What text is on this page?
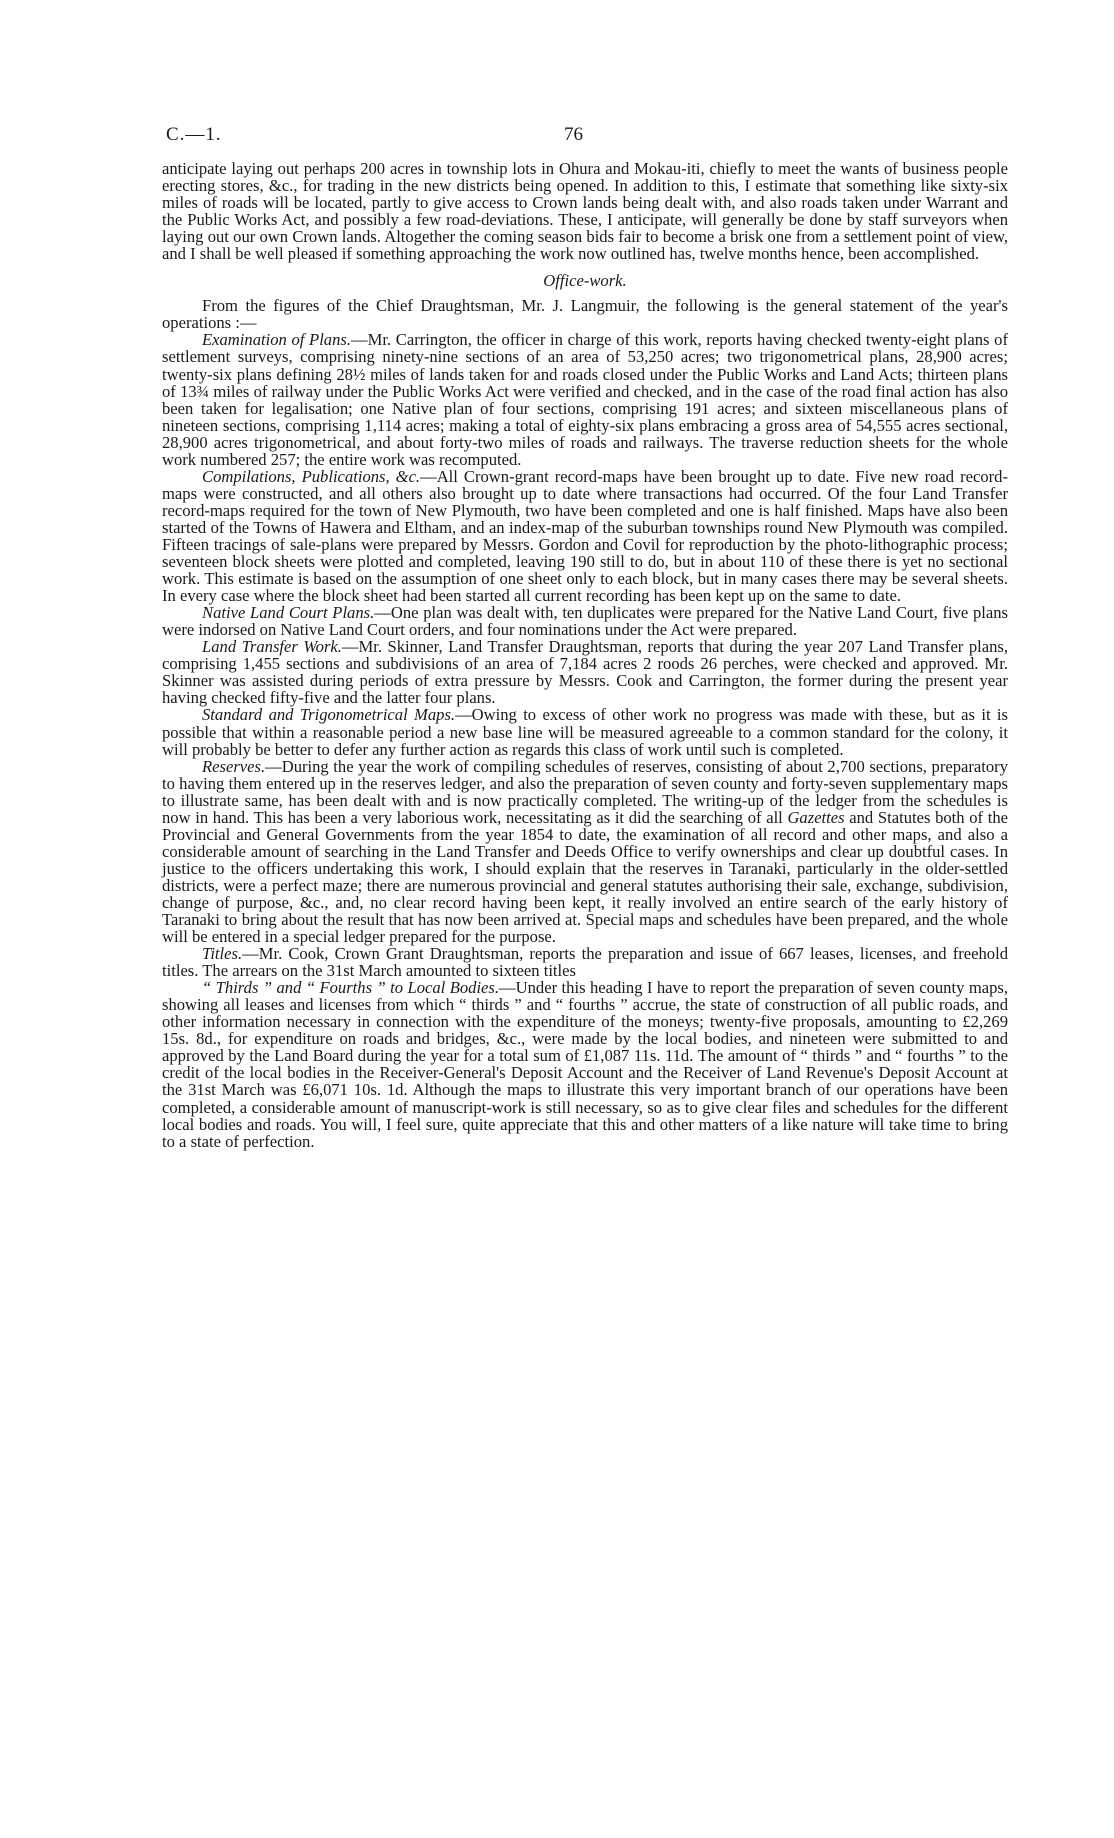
C.—1.	76

anticipate laying out perhaps 200 acres in township lots in Ohura and Mokau-iti, chiefly to meet the wants of business people erecting stores, &c., for trading in the new districts being opened. In addition to this, I estimate that something like sixty-six miles of roads will be located, partly to give access to Crown lands being dealt with, and also roads taken under Warrant and the Public Works Act, and possibly a few road-deviations. These, I anticipate, will generally be done by staff surveyors when laying out our own Crown lands. Altogether the coming season bids fair to become a brisk one from a settlement point of view, and I shall be well pleased if something approaching the work now outlined has, twelve months hence, been accomplished.

Office-work.

From the figures of the Chief Draughtsman, Mr. J. Langmuir, the following is the general statement of the year's operations :—

Examination of Plans.—Mr. Carrington, the officer in charge of this work, reports having checked twenty-eight plans of settlement surveys, comprising ninety-nine sections of an area of 53,250 acres; two trigonometrical plans, 28,900 acres; twenty-six plans defining 28½ miles of lands taken for and roads closed under the Public Works and Land Acts; thirteen plans of 13¾ miles of railway under the Public Works Act were verified and checked, and in the case of the road final action has also been taken for legalisation; one Native plan of four sections, comprising 191 acres; and sixteen miscellaneous plans of nineteen sections, comprising 1,114 acres; making a total of eighty-six plans embracing a gross area of 54,555 acres sectional, 28,900 acres trigonometrical, and about forty-two miles of roads and railways. The traverse reduction sheets for the whole work numbered 257; the entire work was recomputed.

Compilations, Publications, &c.—All Crown-grant record-maps have been brought up to date. Five new road record-maps were constructed, and all others also brought up to date where transactions had occurred. Of the four Land Transfer record-maps required for the town of New Plymouth, two have been completed and one is half finished. Maps have also been started of the Towns of Hawera and Eltham, and an index-map of the suburban townships round New Plymouth was compiled. Fifteen tracings of sale-plans were prepared by Messrs. Gordon and Covil for reproduction by the photo-lithographic process; seventeen block sheets were plotted and completed, leaving 190 still to do, but in about 110 of these there is yet no sectional work. This estimate is based on the assumption of one sheet only to each block, but in many cases there may be several sheets. In every case where the block sheet had been started all current recording has been kept up on the same to date.

Native Land Court Plans.—One plan was dealt with, ten duplicates were prepared for the Native Land Court, five plans were indorsed on Native Land Court orders, and four nominations under the Act were prepared.

Land Transfer Work.—Mr. Skinner, Land Transfer Draughtsman, reports that during the year 207 Land Transfer plans, comprising 1,455 sections and subdivisions of an area of 7,184 acres 2 roods 26 perches, were checked and approved. Mr. Skinner was assisted during periods of extra pressure by Messrs. Cook and Carrington, the former during the present year having checked fifty-five and the latter four plans.

Standard and Trigonometrical Maps.—Owing to excess of other work no progress was made with these, but as it is possible that within a reasonable period a new base line will be measured agreeable to a common standard for the colony, it will probably be better to defer any further action as regards this class of work until such is completed.

Reserves.—During the year the work of compiling schedules of reserves, consisting of about 2,700 sections, preparatory to having them entered up in the reserves ledger, and also the preparation of seven county and forty-seven supplementary maps to illustrate same, has been dealt with and is now practically completed. The writing-up of the ledger from the schedules is now in hand. This has been a very laborious work, necessitating as it did the searching of all Gazettes and Statutes both of the Provincial and General Governments from the year 1854 to date, the examination of all record and other maps, and also a considerable amount of searching in the Land Transfer and Deeds Office to verify ownerships and clear up doubtful cases. In justice to the officers undertaking this work, I should explain that the reserves in Taranaki, particularly in the older-settled districts, were a perfect maze; there are numerous provincial and general statutes authorising their sale, exchange, subdivision, change of purpose, &c., and, no clear record having been kept, it really involved an entire search of the early history of Taranaki to bring about the result that has now been arrived at. Special maps and schedules have been prepared, and the whole will be entered in a special ledger prepared for the purpose.

Titles.—Mr. Cook, Crown Grant Draughtsman, reports the preparation and issue of 667 leases, licenses, and freehold titles. The arrears on the 31st March amounted to sixteen titles

“ Thirds ” and “ Fourths ” to Local Bodies.—Under this heading I have to report the preparation of seven county maps, showing all leases and licenses from which “ thirds ” and “ fourths ” accrue, the state of construction of all public roads, and other information necessary in connection with the expenditure of the moneys; twenty-five proposals, amounting to £2,269 15s. 8d., for expenditure on roads and bridges, &c., were made by the local bodies, and nineteen were submitted to and approved by the Land Board during the year for a total sum of £1,087 11s. 11d. The amount of “ thirds ” and “ fourths ” to the credit of the local bodies in the Receiver-General's Deposit Account and the Receiver of Land Revenue's Deposit Account at the 31st March was £6,071 10s. 1d. Although the maps to illustrate this very important branch of our operations have been completed, a considerable amount of manuscript-work is still necessary, so as to give clear files and schedules for the different local bodies and roads. You will, I feel sure, quite appreciate that this and other matters of a like nature will take time to bring to a state of perfection.
